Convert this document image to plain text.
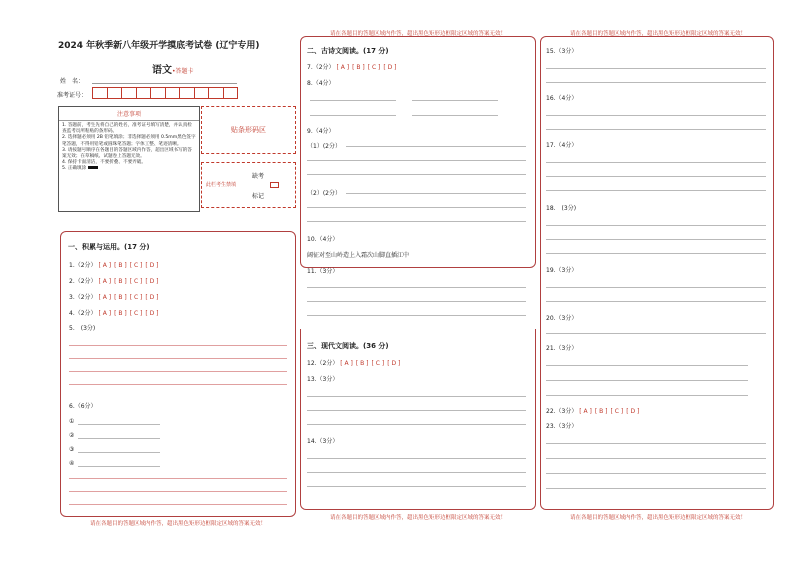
2024 年秋季新八年级开学摸底考试卷 (辽宁专用)
语文•答题卡
姓　名：
准考证号：
注意事项
1. 答题前，考生先将自己的姓名，准考证号填写清楚，并认真检查监考员所粘贴的条形码。
2. 选择题必须用 2B 铅笔填涂；非选择题必须用 0.5mm黑色签字笔答题，不得用铅笔或圆珠笔答题；字体工整、笔迹清晰。
3. 请按题号顺序在各题目的答题区域内作答，超出区域书写的答案无效；在草稿纸、试题卷上答题无效。
4. 保持卡面清洁，不要折叠、不要弄破。
5. 正确填涂
贴条形码区
此栏考生禁填
缺考
标记
请在各题目的答题区域内作答，超出黑色矩形边框限定区域的答案无效！
一、积累与运用。(17 分)
1.（2分） [ A ] [ B ] [ C ] [ D ]
2.（2分） [ A ] [ B ] [ C ] [ D ]
3.（2分） [ A ] [ B ] [ C ] [ D ]
4.（2分） [ A ] [ B ] [ C ] [ D ]
5.　(3分)
6.（6分）
①
②
③
④
请在各题目的答题区域内作答，超出黑色矩形边框限定区域的答案无效！
请在各题目的答题区域内作答，超出黑色矩形边框限定区域的答案无效！
二、古诗文阅读。(17 分)
7.（2分） [ A ] [ B ] [ C ] [ D ]
8.（4分）
9.（4分）
（1）(2分）
（2）(2分）
10.（4分）
阔征对至山岭造上入霜次山脚直插江中
11.（3分）
三、现代文阅读。(36 分)
12.（2分） [ A ] [ B ] [ C ] [ D ]
13.（3分）
14.（3分）
请在各题目的答题区域内作答，超出黑色矩形边框限定区域的答案无效！
请在各题目的答题区域内作答，超出黑色矩形边框限定区域的答案无效！
15.（3分）
16.（4分）
17.（4分）
18.　(3分)
19.（3分）
20.（3分）
21.（3分）
22.（3分） [ A ] [ B ] [ C ] [ D ]
23.（3分）
